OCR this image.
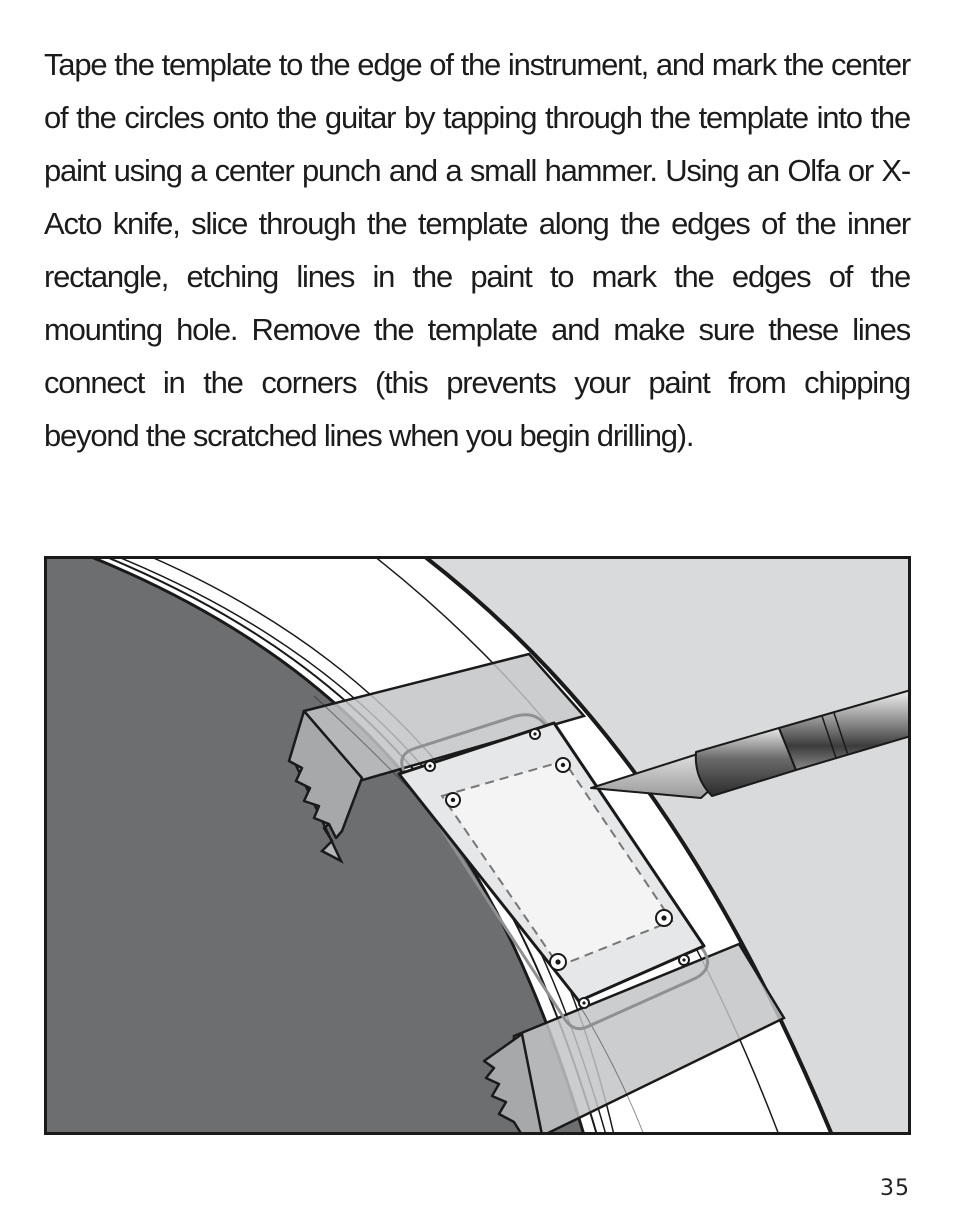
Tape the template to the edge of the instrument, and mark the center of the circles onto the guitar by tapping through the template into the paint using a center punch and a small hammer. Using an Olfa or X-Acto knife, slice through the template along the edges of the inner rectangle, etching lines in the paint to mark the edges of the mounting hole. Remove the template and make sure these lines connect in the corners (this prevents your paint from chipping beyond the scratched lines when you begin drilling).

35
